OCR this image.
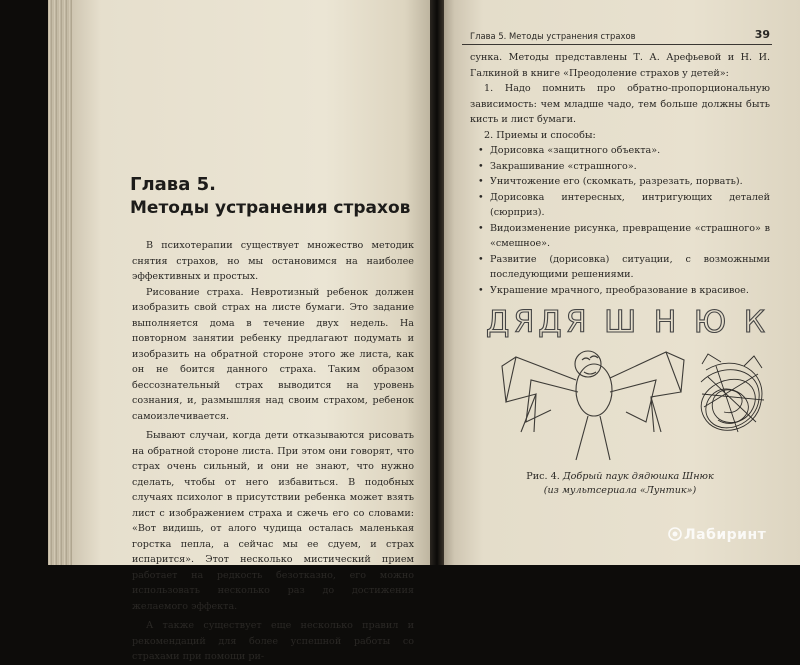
Глава 5.
Методы устранения страхов

В психотерапии существует множество методик снятия страхов, но мы остановимся на наиболее эффективных и простых.

Рисование страха. Невротизный ребенок должен изобразить свой страх на листе бумаги. Это задание выполняется дома в течение двух недель. На повторном занятии ребенку предлагают подумать и изобразить на обратной стороне этого же листа, как он не боится данного страха. Таким образом бессознательный страх выводится на уровень сознания, и, размышляя над своим страхом, ребенок самоизлечивается.

Бывают случаи, когда дети отказываются рисовать на обратной стороне листа. При этом они говорят, что страх очень сильный, и они не знают, что нужно сделать, чтобы от него избавиться. В подобных случаях психолог в присутствии ребенка может взять лист с изображением страха и сжечь его со словами: «Вот видишь, от алого чудища осталась маленькая горстка пепла, а сейчас мы ее сдуем, и страх испарится». Этот несколько мистический прием работает на редкость безотказно, его можно использовать несколько раз до достижения желаемого эффекта.

А также существует еще несколько правил и рекомендаций для более успешной работы со страхами при помощи ри-

Глава 5. Методы устранения страхов	39

сунка. Методы представлены Т. А. Арефьевой и Н. И. Галкиной в книге «Преодоление страхов у детей»:

1. Надо помнить про обратно-пропорциональную зависимость: чем младше чадо, тем больше должны быть кисть и лист бумаги.

2. Приемы и способы:

• Дорисовка «защитного объекта».
• Закрашивание «страшного».
• Уничтожение его (скомкать, разрезать, порвать).
• Дорисовка интересных, интригующих деталей (сюрприз).
• Видоизменение рисунка, превращение «страшного» в «смешное».
• Развитие (дорисовка) ситуации, с возможными последующими решениями.
• Украшение мрачного, преобразование в красивое.
ДЯДЯ Ш Н Ю К
Рис. 4. Добрый паук дядюшка Шнюк
(из мультсериала «Лунтик»)
Лабиринт
